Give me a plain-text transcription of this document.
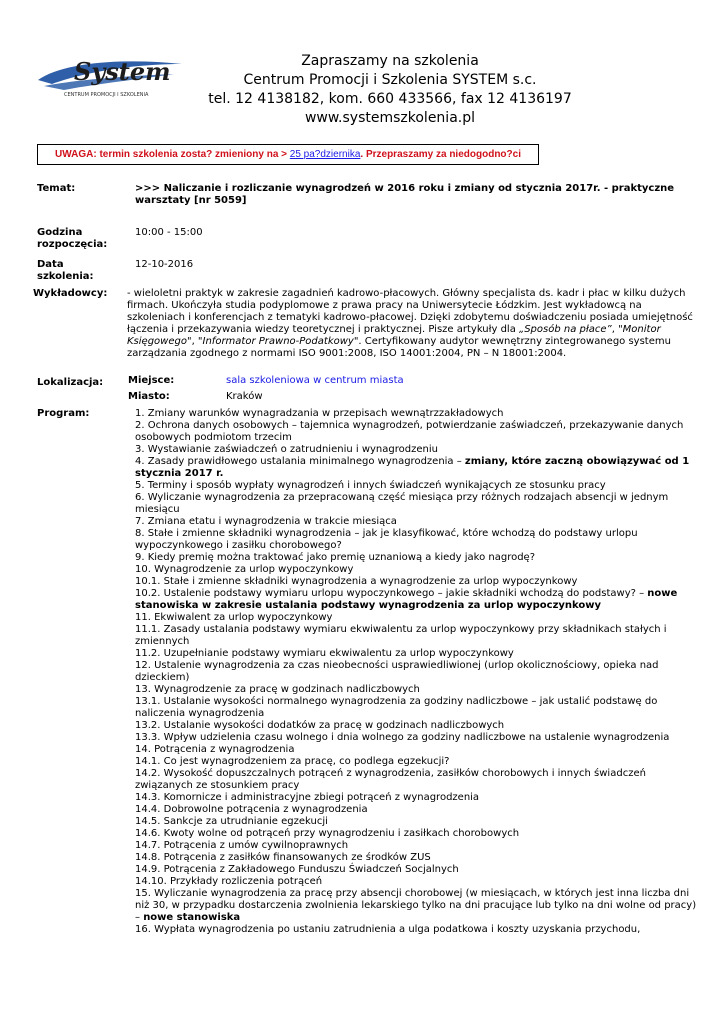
System
CENTRUM PROMOCJI I SZKOLENIA
Zapraszamy na szkolenia
Centrum Promocji i Szkolenia SYSTEM s.c.
tel. 12 4138182, kom. 660 433566, fax 12 4136197
www.systemszkolenia.pl
UWAGA: termin szkolenia zosta? zmieniony na > 25 pa?dziernika. Przepraszamy za niedogodno?ci
Temat:	>>> Naliczanie i rozliczanie wynagrodzeń w 2016 roku i zmiany od stycznia 2017r. - praktyczne warsztaty [nr 5059]
Godzina
rozpoczęcia:
10:00 - 15:00
Data
szkolenia:
12-10-2016
Wykładowcy: - wieloletni praktyk w zakresie zagadnień kadrowo-płacowych. Główny specjalista ds. kadr i płac w kilku dużych firmach. Ukończyła studia podyplomowe z prawa pracy na Uniwersytecie Łódzkim. Jest wykładowcą na szkoleniach i konferencjach z tematyki kadrowo-płacowej. Dzięki zdobytemu doświadczeniu posiada umiejętność łączenia i przekazywania wiedzy teoretycznej i praktycznej. Pisze artykuły dla „Sposób na płace”, "Monitor Księgowego", "Informator Prawno-Podatkowy". Certyfikowany audytor wewnętrzny zintegrowanego systemu zarządzania zgodnego z normami ISO 9001:2008, ISO 14001:2004, PN – N 18001:2004.
Lokalizacja: Miejsce:	sala szkoleniowa w centrum miasta
Miasto:	Kraków
Program:	1. Zmiany warunków wynagradzania w przepisach wewnątrzzakładowych
2. Ochrona danych osobowych – tajemnica wynagrodzeń, potwierdzanie zaświadczeń, przekazywanie danych osobowych podmiotom trzecim
3. Wystawianie zaświadczeń o zatrudnieniu i wynagrodzeniu
4. Zasady prawidłowego ustalania minimalnego wynagrodzenia – zmiany, które zaczną obowiązywać od 1 stycznia 2017 r.
5. Terminy i sposób wypłaty wynagrodzeń i innych świadczeń wynikających ze stosunku pracy
6. Wyliczanie wynagrodzenia za przepracowaną część miesiąca przy różnych rodzajach absencji w jednym miesiącu
7. Zmiana etatu i wynagrodzenia w trakcie miesiąca
8. Stałe i zmienne składniki wynagrodzenia – jak je klasyfikować, które wchodzą do podstawy urlopu wypoczynkowego i zasiłku chorobowego?
9. Kiedy premię można traktować jako premię uznaniową a kiedy jako nagrodę?
10. Wynagrodzenie za urlop wypoczynkowy
10.1. Stałe i zmienne składniki wynagrodzenia a wynagrodzenie za urlop wypoczynkowy
10.2. Ustalenie podstawy wymiaru urlopu wypoczynkowego – jakie składniki wchodzą do podstawy? – nowe stanowiska w zakresie ustalania podstawy wynagrodzenia za urlop wypoczynkowy
11. Ekwiwalent za urlop wypoczynkowy
11.1. Zasady ustalania podstawy wymiaru ekwiwalentu za urlop wypoczynkowy przy składnikach stałych i zmiennych
11.2. Uzupełnianie podstawy wymiaru ekwiwalentu za urlop wypoczynkowy
12. Ustalenie wynagrodzenia za czas nieobecności usprawiedliwionej (urlop okolicznościowy, opieka nad dzieckiem)
13. Wynagrodzenie za pracę w godzinach nadliczbowych
13.1. Ustalanie wysokości normalnego wynagrodzenia za godziny nadliczbowe – jak ustalić podstawę do naliczenia wynagrodzenia
13.2. Ustalanie wysokości dodatków za pracę w godzinach nadliczbowych
13.3. Wpływ udzielenia czasu wolnego i dnia wolnego za godziny nadliczbowe na ustalenie wynagrodzenia
14. Potrącenia z wynagrodzenia
14.1. Co jest wynagrodzeniem za pracę, co podlega egzekucji?
14.2. Wysokość dopuszczalnych potrąceń z wynagrodzenia, zasiłków chorobowych i innych świadczeń związanych ze stosunkiem pracy
14.3. Komornicze i administracyjne zbiegi potrąceń z wynagrodzenia
14.4. Dobrowolne potrącenia z wynagrodzenia
14.5. Sankcje za utrudnianie egzekucji
14.6. Kwoty wolne od potrąceń przy wynagrodzeniu i zasiłkach chorobowych
14.7. Potrącenia z umów cywilnoprawnych
14.8. Potrącenia z zasiłków finansowanych ze środków ZUS
14.9. Potrącenia z Zakładowego Funduszu Świadczeń Socjalnych
14.10. Przykłady rozliczenia potrąceń
15. Wyliczanie wynagrodzenia za pracę przy absencji chorobowej (w miesiącach, w których jest inna liczba dni niż 30, w przypadku dostarczenia zwolnienia lekarskiego tylko na dni pracujące lub tylko na dni wolne od pracy) – nowe stanowiska
16. Wypłata wynagrodzenia po ustaniu zatrudnienia a ulga podatkowa i koszty uzyskania przychodu,
